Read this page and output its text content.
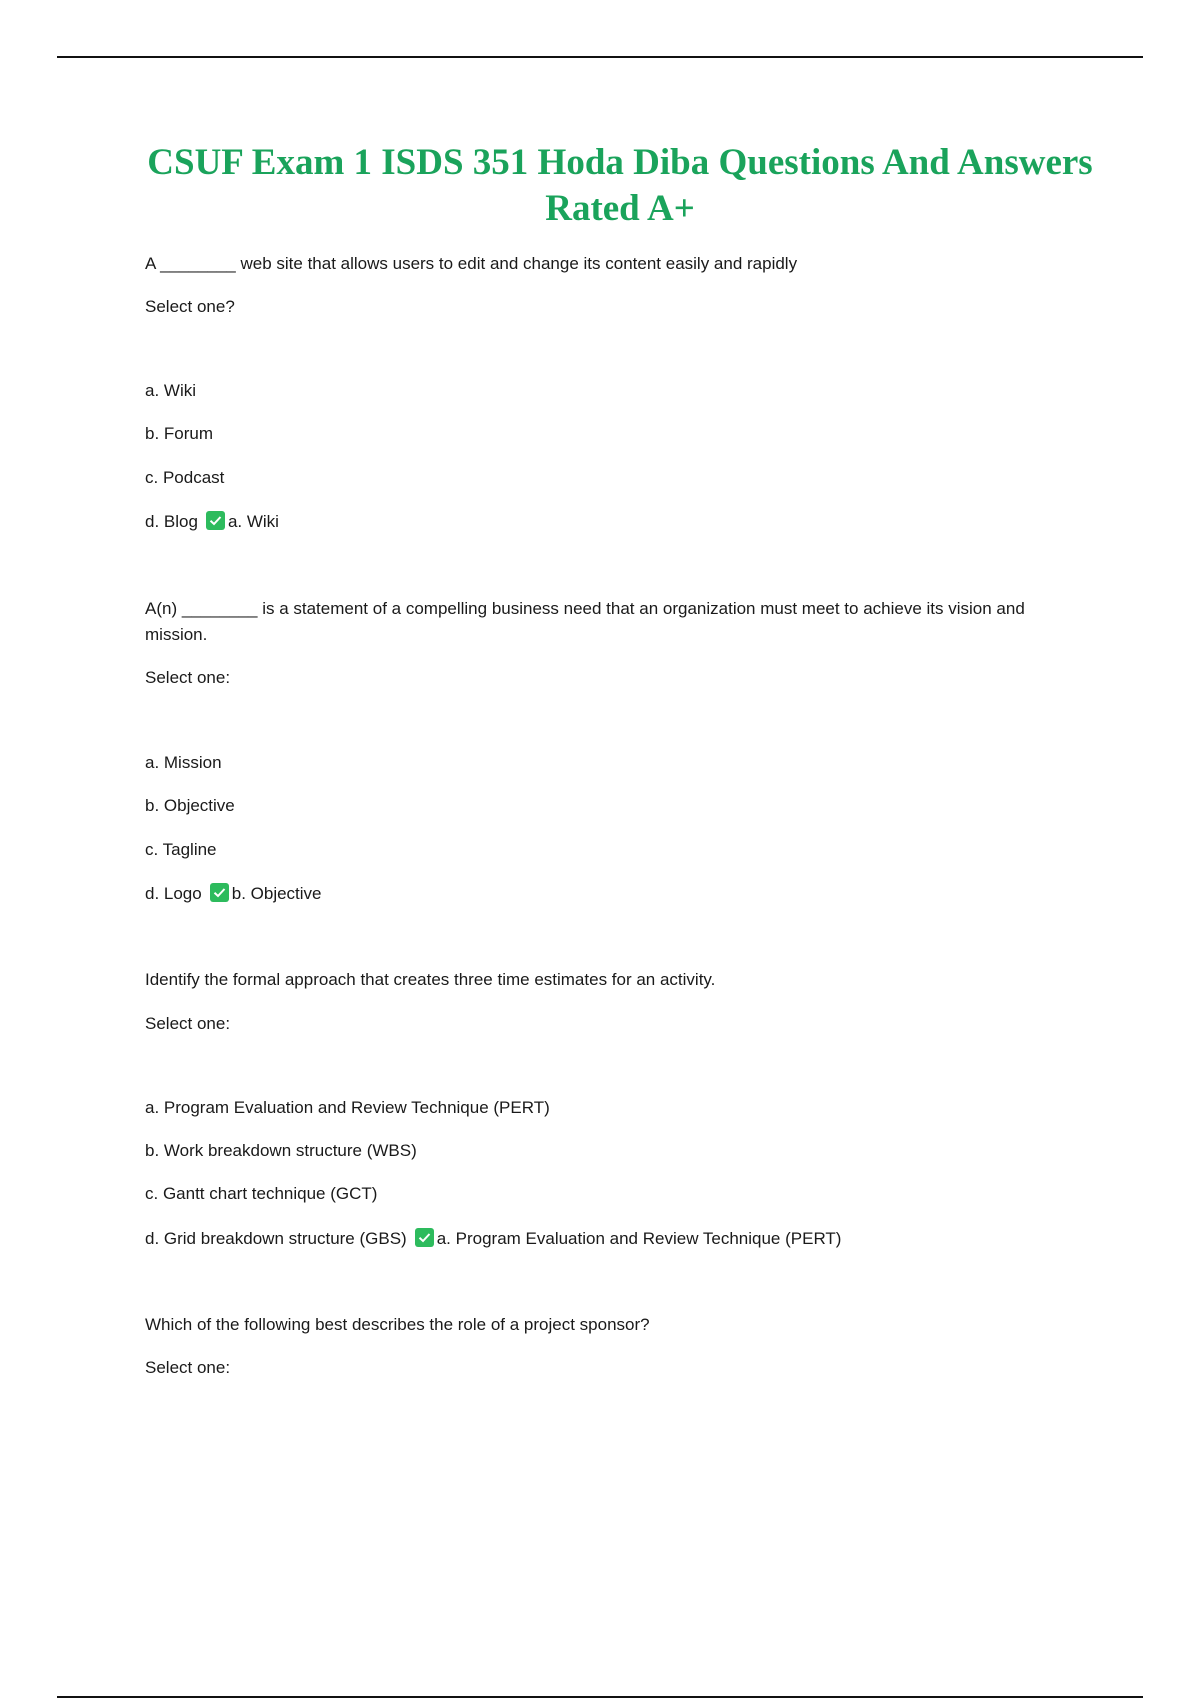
CSUF Exam 1 ISDS 351 Hoda Diba Questions And Answers Rated A+

A ________ web site that allows users to edit and change its content easily and rapidly

Select one?

a. Wiki

b. Forum

c. Podcast

d. Blog a. Wiki

A(n) ________ is a statement of a compelling business need that an organization must meet to achieve its vision and mission.

Select one:

a. Mission

b. Objective

c. Tagline

d. Logo b. Objective

Identify the formal approach that creates three time estimates for an activity.

Select one:

a. Program Evaluation and Review Technique (PERT)

b. Work breakdown structure (WBS)

c. Gantt chart technique (GCT)

d. Grid breakdown structure (GBS) a. Program Evaluation and Review Technique (PERT)

Which of the following best describes the role of a project sponsor?

Select one:
